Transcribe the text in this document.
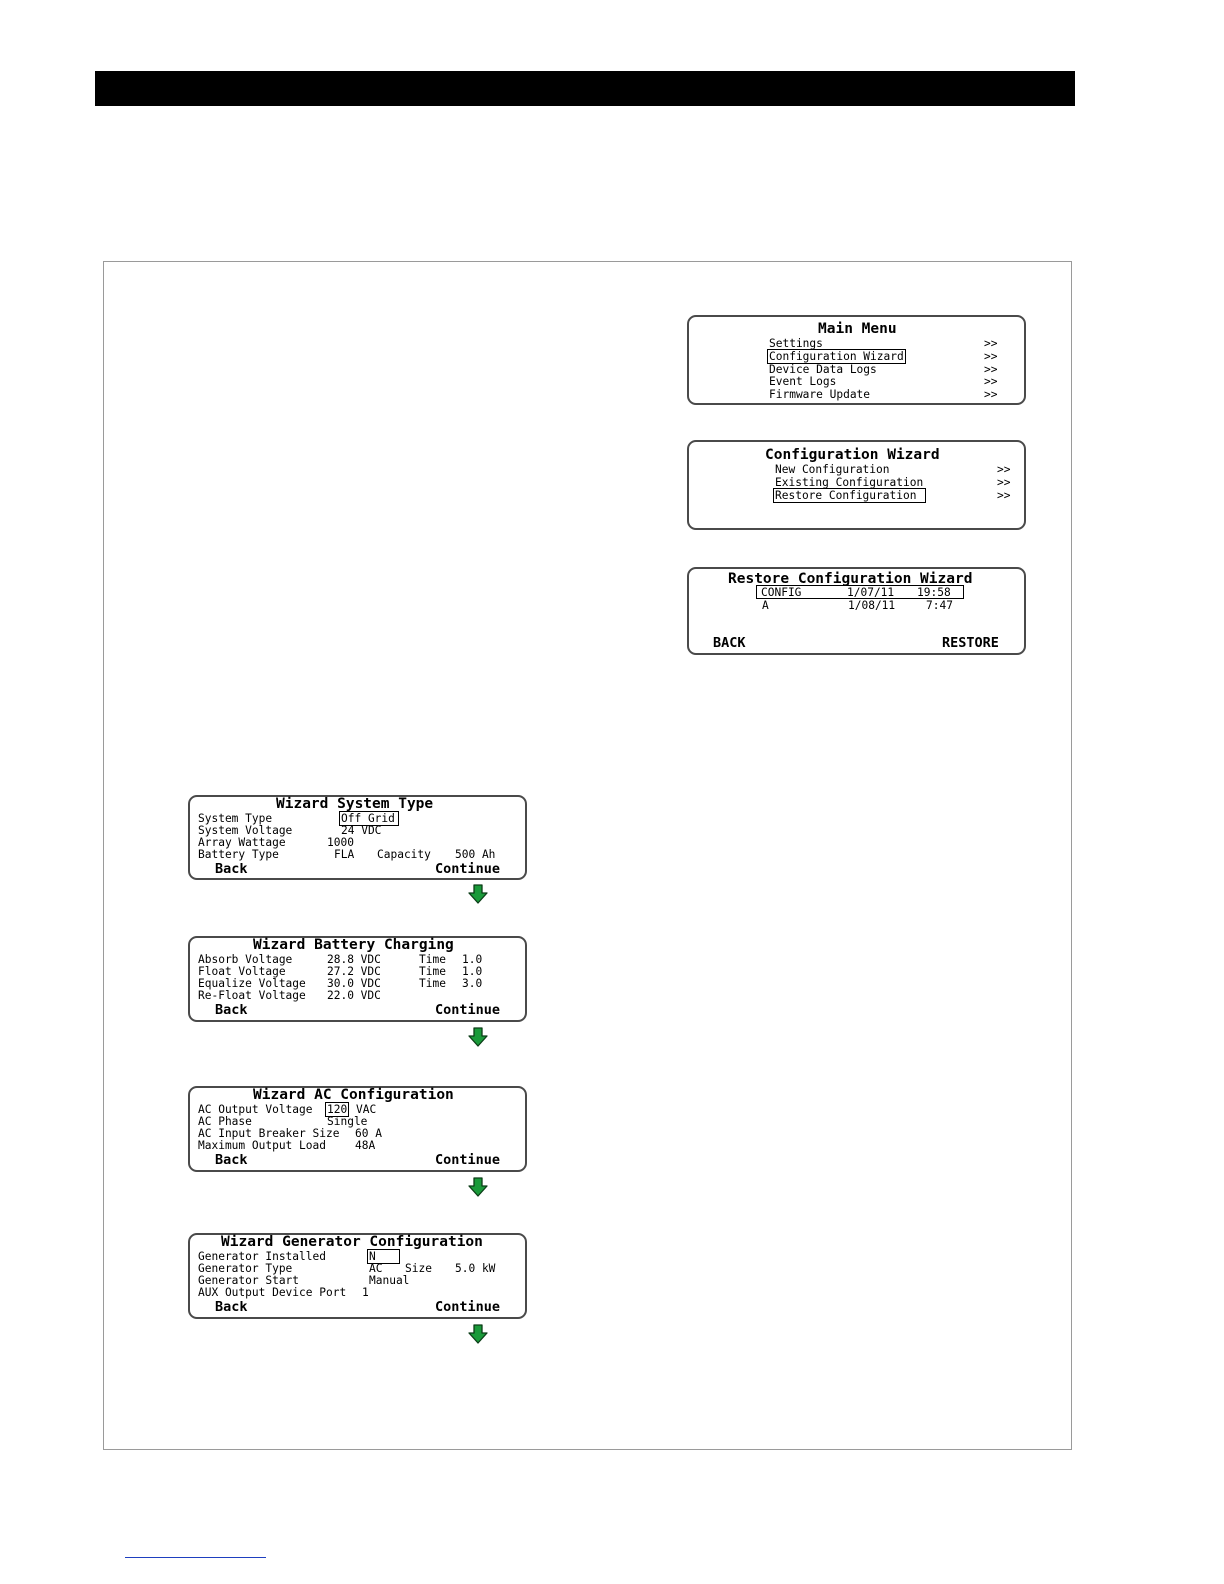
Main Menu
Settings	>>
Configuration Wizard	>>
Device Data Logs	>>
Event Logs	>>
Firmware Update	>>
Configuration Wizard
New Configuration	>>
Existing Configuration	>>
Restore Configuration	>>
Restore Configuration Wizard
CONFIG	1/07/11 19:58
A	1/08/11	7:47
BACK	RESTORE
Wizard System Type
System Type	Off Grid
System Voltage	24 VDC
Array Wattage	1000
Battery Type	FLA Capacity 500 Ah
Back	Continue
Wizard Battery Charging
Absorb Voltage	28.8 VDC	Time 1.0
Float Voltage	27.2 VDC	Time 1.0
Equalize Voltage 30.0 VDC	Time 3.0
Re-Float Voltage 22.0 VDC
Back	Continue
Wizard AC Configuration
AC Output Voltage 120 VAC
AC Phase	Single
AC Input Breaker Size 60 A
Maximum Output Load	48A
Back	Continue
Wizard Generator Configuration
Generator Installed	N
Generator Type	AC Size 5.0 kW
Generator Start	Manual
AUX Output Device Port 1
Back	Continue
